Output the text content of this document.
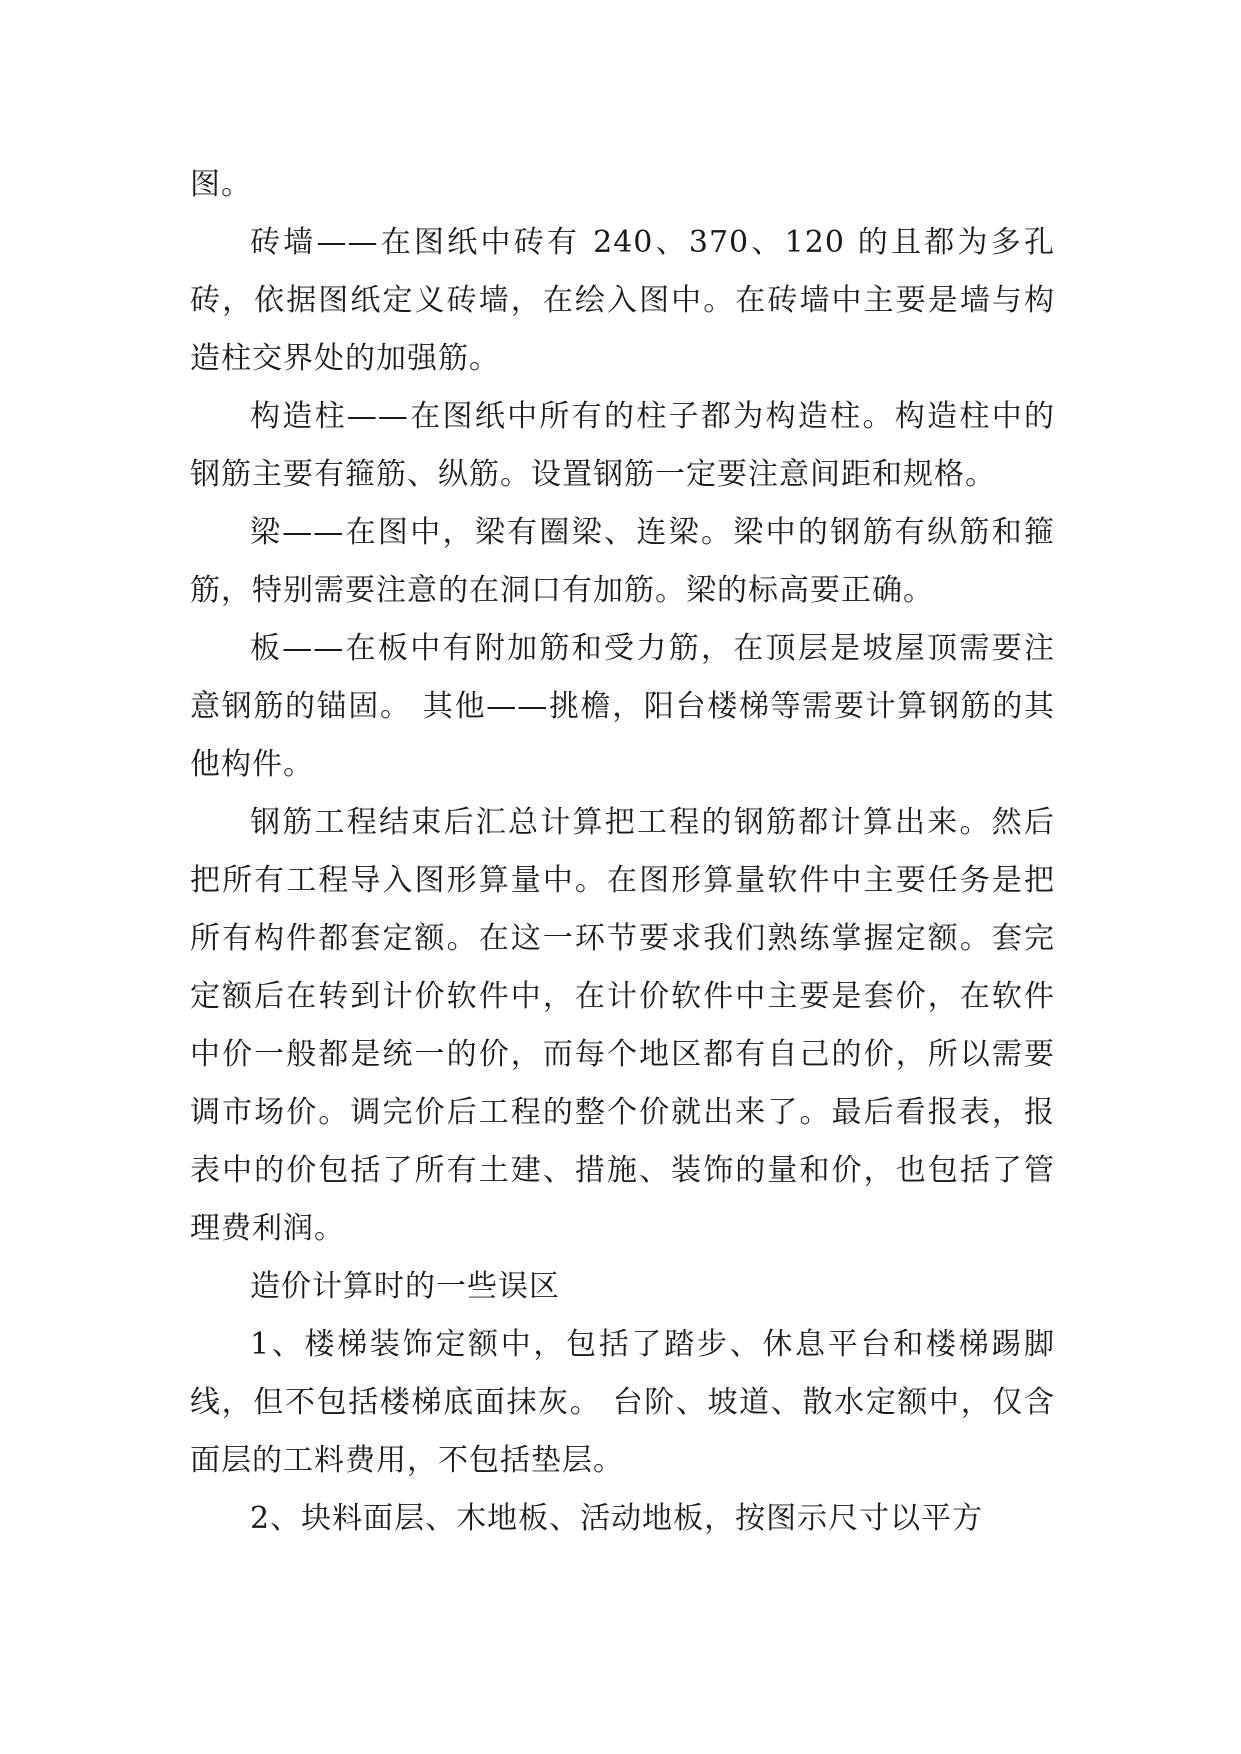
图。

砖墙——在图纸中砖有 240、370、120 的且都为多孔砖，依据图纸定义砖墙，在绘入图中。在砖墙中主要是墙与构造柱交界处的加强筋。

构造柱——在图纸中所有的柱子都为构造柱。构造柱中的钢筋主要有箍筋、纵筋。设置钢筋一定要注意间距和规格。

梁——在图中，梁有圈梁、连梁。梁中的钢筋有纵筋和箍筋，特别需要注意的在洞口有加筋。梁的标高要正确。

板——在板中有附加筋和受力筋，在顶层是坡屋顶需要注意钢筋的锚固。 其他——挑檐，阳台楼梯等需要计算钢筋的其他构件。

钢筋工程结束后汇总计算把工程的钢筋都计算出来。然后把所有工程导入图形算量中。在图形算量软件中主要任务是把所有构件都套定额。在这一环节要求我们熟练掌握定额。套完定额后在转到计价软件中，在计价软件中主要是套价，在软件中价一般都是统一的价，而每个地区都有自己的价，所以需要调市场价。调完价后工程的整个价就出来了。最后看报表，报表中的价包括了所有土建、措施、装饰的量和价，也包括了管理费利润。

造价计算时的一些误区

1、楼梯装饰定额中，包括了踏步、休息平台和楼梯踢脚线，但不包括楼梯底面抹灰。 台阶、坡道、散水定额中，仅含面层的工料费用，不包括垫层。

2、块料面层、木地板、活动地板，按图示尺寸以平方
